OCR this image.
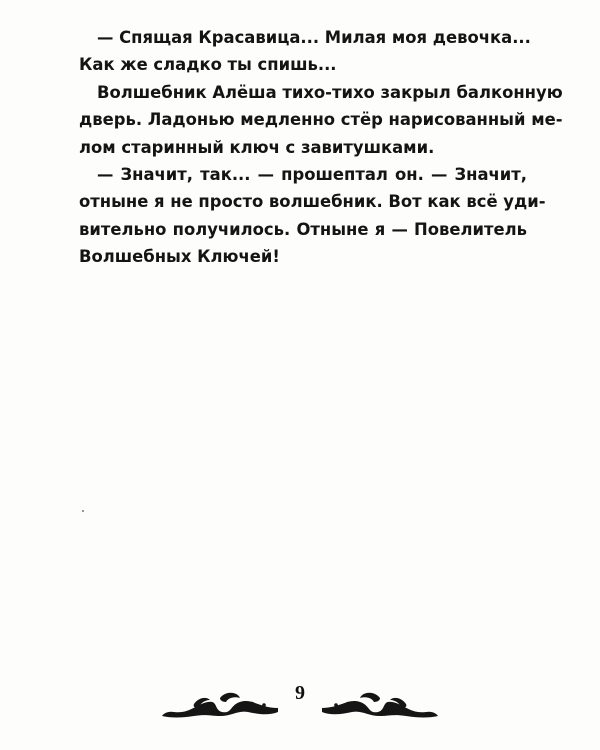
— Спящая Красавица... Милая моя девочка...
Как же сладко ты спишь...

Волшебник Алёша тихо-тихо закрыл балконную
дверь. Ладонью медленно стёр нарисованный ме-
лом старинный ключ с завитушками.

— Значит, так... — прошептал он. — Значит,
отныне я не просто волшебник. Вот как всё уди-
вительно получилось. Отныне я — Повелитель
Волшебных Ключей!

9
